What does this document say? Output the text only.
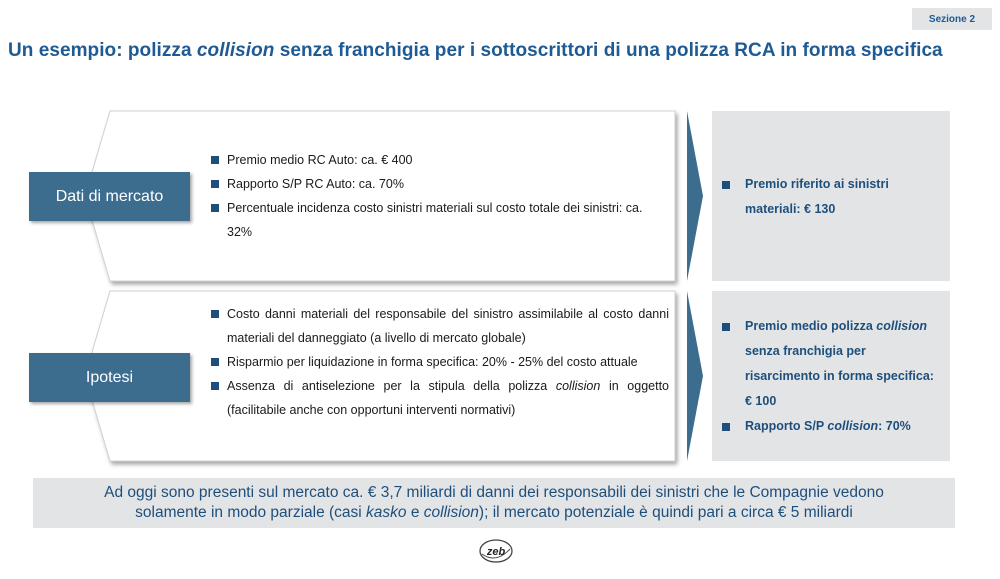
Sezione 2
Un esempio: polizza collision senza franchigia per i sottoscrittori di una polizza RCA in forma specifica
Dati di mercato
Ipotesi
Premio medio RC Auto: ca. € 400
Rapporto S/P RC Auto: ca. 70%
Percentuale incidenza costo sinistri materiali sul costo totale dei sinistri: ca. 32%
Costo danni materiali del responsabile del sinistro assimilabile al costo danni materiali del danneggiato (a livello di mercato globale)
Risparmio per liquidazione in forma specifica: 20% - 25% del costo attuale
Assenza di antiselezione per la stipula della polizza collision in oggetto (facilitabile anche con opportuni interventi normativi)
Premio riferito ai sinistri materiali: € 130
Premio medio polizza collision senza franchigia per risarcimento in forma specifica: € 100
Rapporto S/P collision: 70%
Ad oggi sono presenti sul mercato ca. € 3,7 miliardi di danni dei responsabili dei sinistri che le Compagnie vedono
solamente in modo parziale (casi kasko e collision); il mercato potenziale è quindi pari a circa € 5 miliardi
zeb
